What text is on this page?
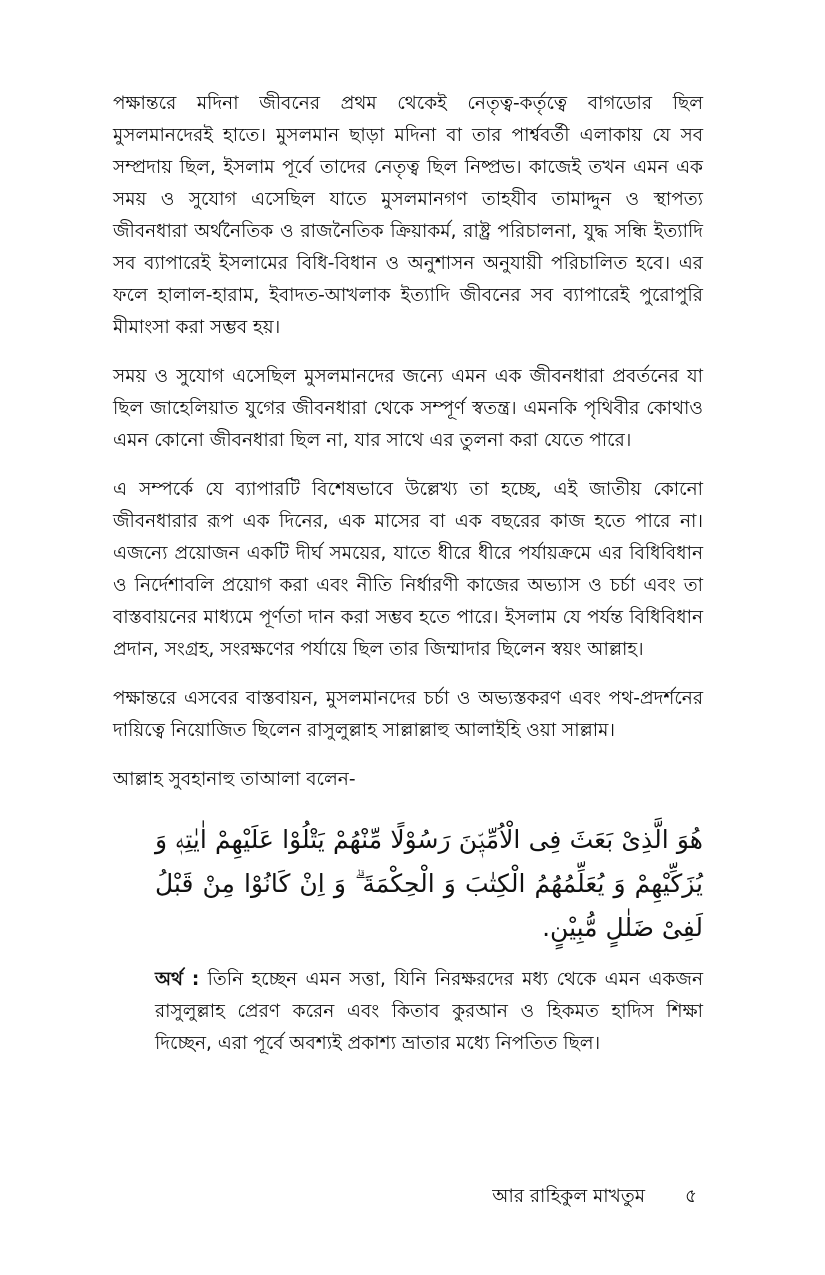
পক্ষান্তরে মদিনা জীবনের প্রথম থেকেই নেতৃত্ব-কর্তৃত্বে বাগডোর ছিল মুসলমানদেরই হাতে। মুসলমান ছাড়া মদিনা বা তার পার্শ্ববর্তী এলাকায় যে সব সম্প্রদায় ছিল, ইসলাম পূর্বে তাদের নেতৃত্ব ছিল নিষ্প্রভ। কাজেই তখন এমন এক সময় ও সুযোগ এসেছিল যাতে মুসলমানগণ তাহযীব তামাদ্দুন ও স্থাপত্য জীবনধারা অর্থনৈতিক ও রাজনৈতিক ক্রিয়াকর্ম, রাষ্ট্র পরিচালনা, যুদ্ধ সন্ধি ইত্যাদি সব ব্যাপারেই ইসলামের বিধি-বিধান ও অনুশাসন অনুযায়ী পরিচালিত হবে। এর ফলে হালাল-হারাম, ইবাদত-আখলাক ইত্যাদি জীবনের সব ব্যাপারেই পুরোপুরি মীমাংসা করা সম্ভব হয়।

সময় ও সুযোগ এসেছিল মুসলমানদের জন্যে এমন এক জীবনধারা প্রবর্তনের যা ছিল জাহেলিয়াত যুগের জীবনধারা থেকে সম্পূর্ণ স্বতন্ত্র। এমনকি পৃথিবীর কোথাও এমন কোনো জীবনধারা ছিল না, যার সাথে এর তুলনা করা যেতে পারে।

এ সম্পর্কে যে ব্যাপারটি বিশেষভাবে উল্লেখ্য তা হচ্ছে, এই জাতীয় কোনো জীবনধারার রূপ এক দিনের, এক মাসের বা এক বছরের কাজ হতে পারে না। এজন্যে প্রয়োজন একটি দীর্ঘ সময়ের, যাতে ধীরে ধীরে পর্যায়ক্রমে এর বিধিবিধান ও নির্দেশাবলি প্রয়োগ করা এবং নীতি নির্ধারণী কাজের অভ্যাস ও চর্চা এবং তা বাস্তবায়নের মাধ্যমে পূর্ণতা দান করা সম্ভব হতে পারে। ইসলাম যে পর্যন্ত বিধিবিধান প্রদান, সংগ্রহ, সংরক্ষণের পর্যায়ে ছিল তার জিম্মাদার ছিলেন স্বয়ং আল্লাহ।

পক্ষান্তরে এসবের বাস্তবায়ন, মুসলমানদের চর্চা ও অভ্যস্তকরণ এবং পথ-প্রদর্শনের দায়িত্বে নিয়োজিত ছিলেন রাসুলুল্লাহ সাল্লাল্লাহু আলাইহি ওয়া সাল্লাম।

আল্লাহ সুবহানাহু তাআলা বলেন-

هُوَ الَّذِیْ بَعَثَ فِی الْاُمِّیّٖنَ رَسُوْلًا مِّنْهُمْ یَتْلُوْا عَلَیْهِمْ اٰیٰتِهٖ وَ یُزَكِّیْهِمْ وَ یُعَلِّمُهُمُ الْكِتٰبَ وَ الْحِكْمَةَ ۗ وَ اِنْ كَانُوْا مِنْ قَبْلُ لَفِیْ ضَلٰلٍ مُّبِیْنٍ.

অর্থ : তিনি হচ্ছেন এমন সত্তা, যিনি নিরক্ষরদের মধ্য থেকে এমন একজন রাসুলুল্লাহ প্রেরণ করেন এবং কিতাব কুরআন ও হিকমত হাদিস শিক্ষা দিচ্ছেন, এরা পূর্বে অবশ্যই প্রকাশ্য ভ্রাতার মধ্যে নিপতিত ছিল।

আর রাহিকুল মাখতুম ৫
